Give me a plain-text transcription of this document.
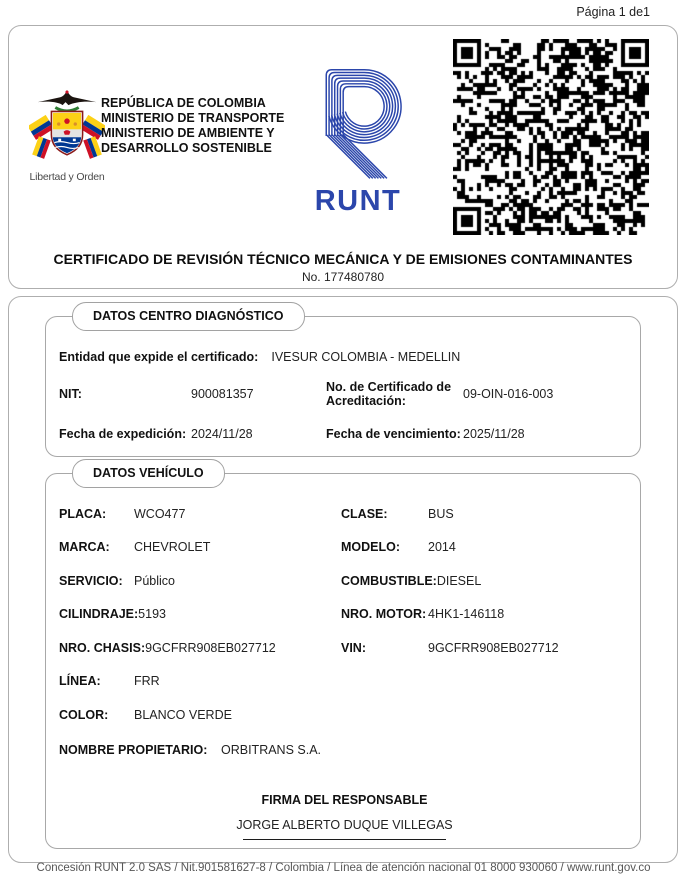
Página 1 de1
Libertad y Orden
REPÚBLICA DE COLOMBIA
MINISTERIO DE TRANSPORTE
MINISTERIO DE AMBIENTE Y
DESARROLLO SOSTENIBLE
RUNT
CERTIFICADO DE REVISIÓN TÉCNICO MECÁNICA Y DE EMISIONES CONTAMINANTES
No. 177480780
DATOS CENTRO DIAGNÓSTICO
Entidad que expide el certificado: IVESUR COLOMBIA - MEDELLIN
NIT:	900081357	No. de Certificado de Acreditación:	09-OIN-016-003
Fecha de expedición: 2024/11/28	Fecha de vencimiento: 2025/11/28
DATOS VEHÍCULO
PLACA:	WCO477	CLASE:	BUS
MARCA:	CHEVROLET	MODELO:	2014
SERVICIO: Público	COMBUSTIBLE: DIESEL
CILINDRAJE: 5193	NRO. MOTOR: 4HK1-146118
NRO. CHASIS: 9GCFRR908EB027712	VIN:	9GCFRR908EB027712
LÍNEA:	FRR
COLOR:	BLANCO VERDE
NOMBRE PROPIETARIO:	ORBITRANS S.A.
FIRMA DEL RESPONSABLE
JORGE ALBERTO DUQUE VILLEGAS
Concesión RUNT 2.0 SAS / Nit.901581627-8 / Colombia / Línea de atención nacional 01 8000 930060 / www.runt.gov.co
